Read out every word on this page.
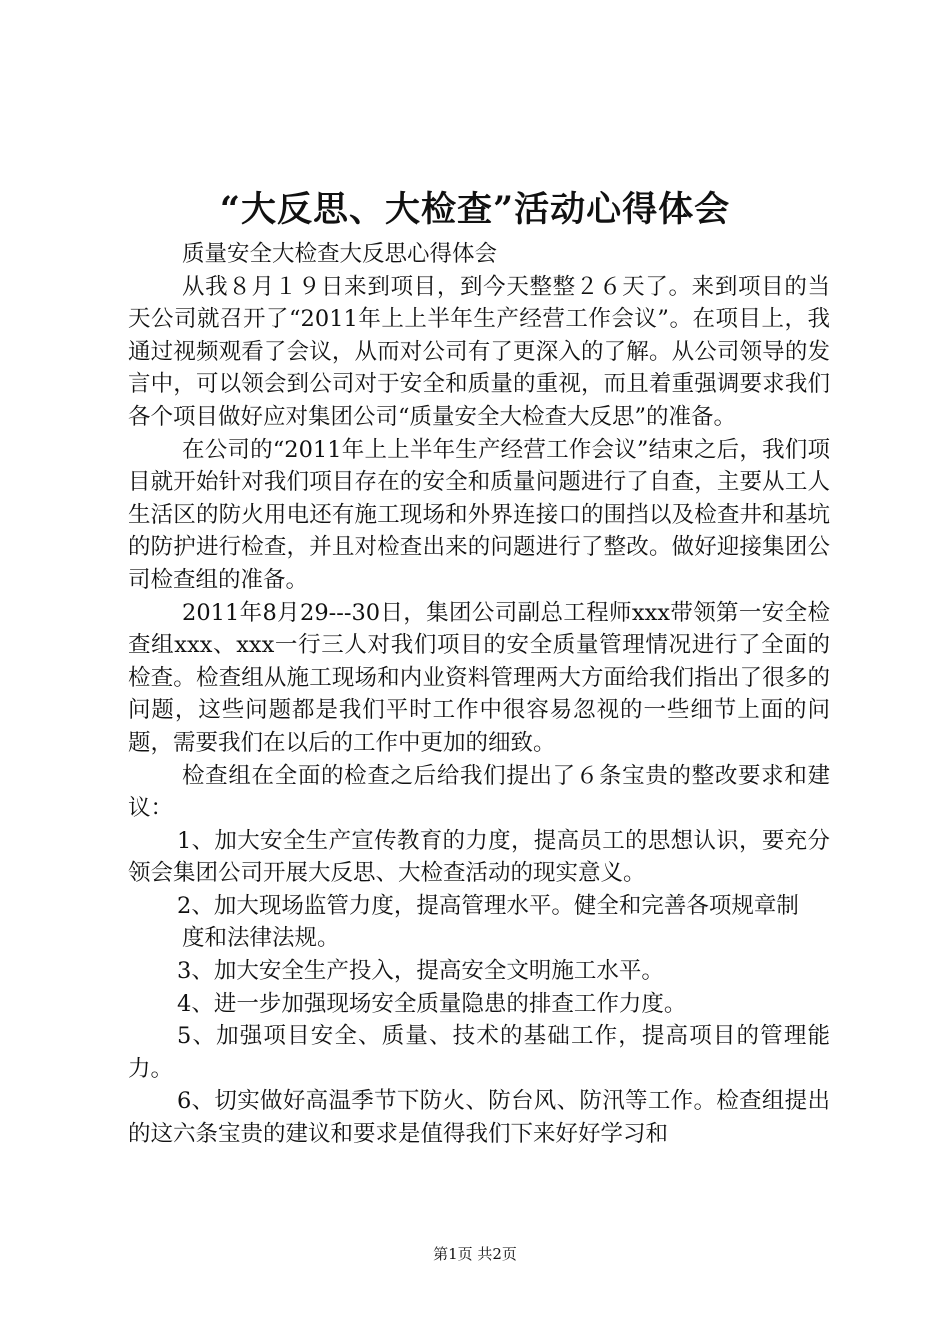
“大反思、大检查”活动心得体会

质量安全大检查大反思心得体会

从我８月１９日来到项目，到今天整整２６天了。来到项目的当天公司就召开了“2011年上上半年生产经营工作会议”。在项目上，我通过视频观看了会议，从而对公司有了更深入的了解。从公司领导的发言中，可以领会到公司对于安全和质量的重视，而且着重强调要求我们各个项目做好应对集团公司“质量安全大检查大反思”的准备。

在公司的“2011年上上半年生产经营工作会议”结束之后，我们项目就开始针对我们项目存在的安全和质量问题进行了自查，主要从工人生活区的防火用电还有施工现场和外界连接口的围挡以及检查井和基坑的防护进行检查，并且对检查出来的问题进行了整改。做好迎接集团公司检查组的准备。

2011年8月29---30日，集团公司副总工程师xxx带领第一安全检查组xxx、xxx一行三人对我们项目的安全质量管理情况进行了全面的检查。检查组从施工现场和内业资料管理两大方面给我们指出了很多的问题，这些问题都是我们平时工作中很容易忽视的一些细节上面的问题，需要我们在以后的工作中更加的细致。

检查组在全面的检查之后给我们提出了６条宝贵的整改要求和建议：

1、加大安全生产宣传教育的力度，提高员工的思想认识，要充分领会集团公司开展大反思、大检查活动的现实意义。

2、加大现场监管力度，提高管理水平。健全和完善各项规章制

度和法律法规。

3、加大安全生产投入，提高安全文明施工水平。

4、进一步加强现场安全质量隐患的排查工作力度。

5、加强项目安全、质量、技术的基础工作，提高项目的管理能力。

6、切实做好高温季节下防火、防台风、防汛等工作。检查组提出的这六条宝贵的建议和要求是值得我们下来好好学习和

第1页 共2页
